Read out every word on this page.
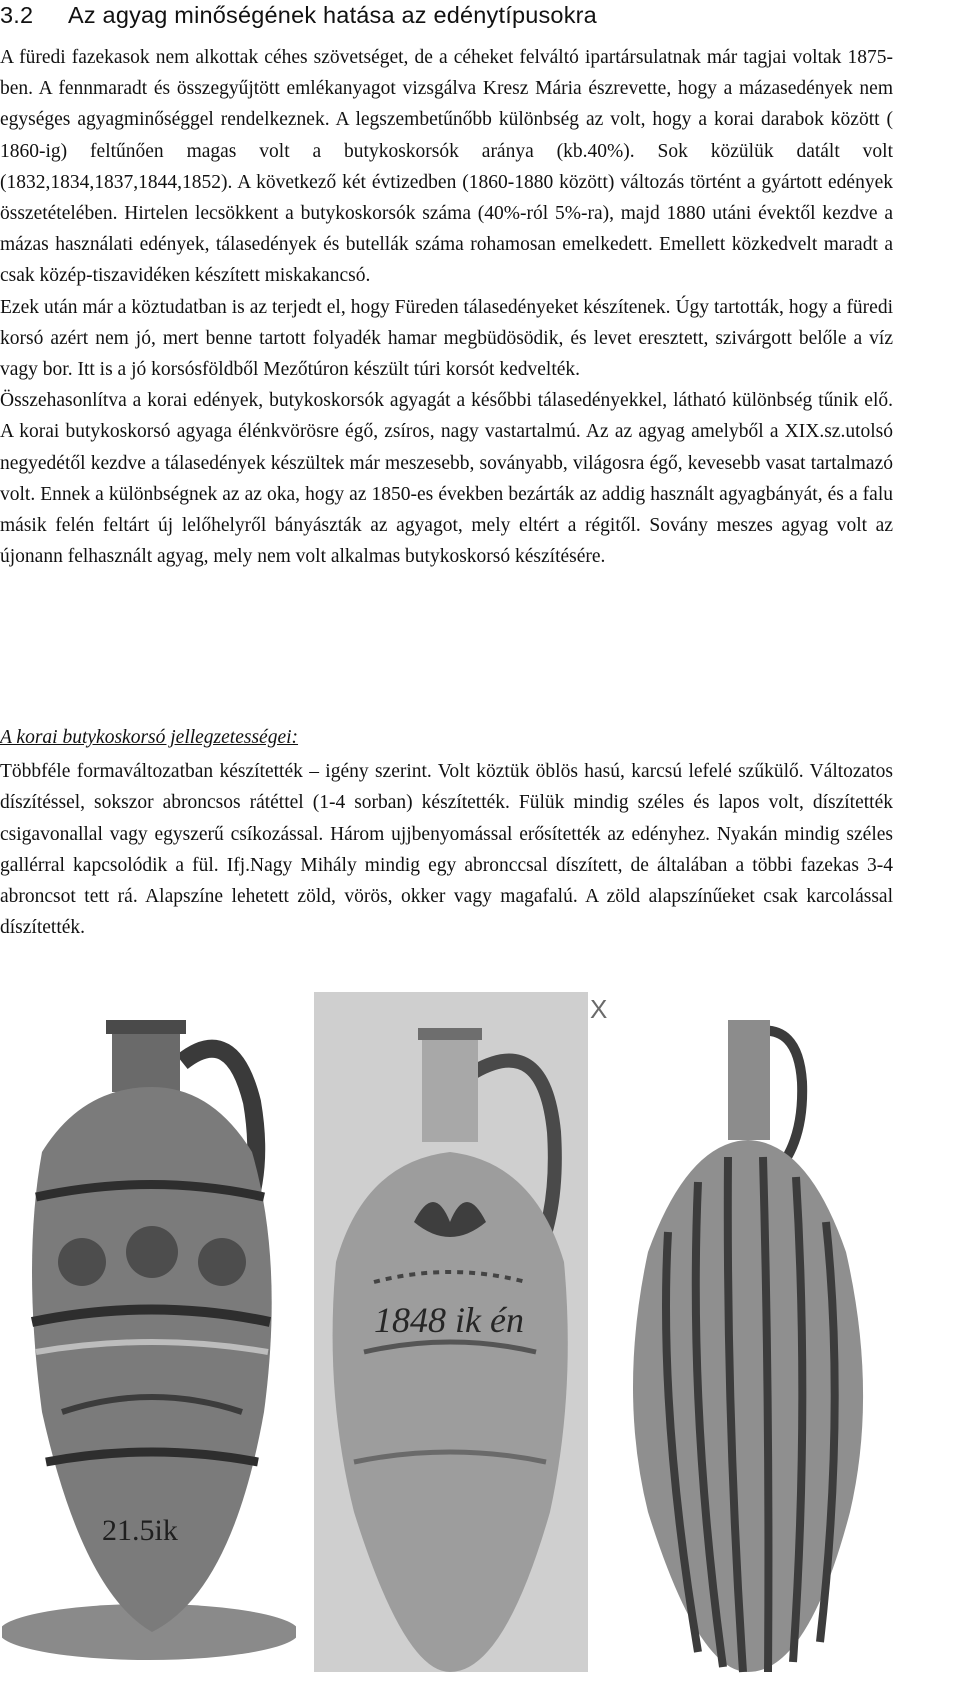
3.2 Az agyag minőségének hatása az edénytípusokra

A füredi fazekasok nem alkottak céhes szövetséget, de a céheket felváltó ipartársulatnak már tagjai voltak 1875-ben. A fennmaradt és összegyűjtött emlékanyagot vizsgálva Kresz Mária észrevette, hogy a mázasedények nem egységes agyagminőséggel rendelkeznek. A legszembetűnőbb különbség az volt, hogy a korai darabok között ( 1860-ig) feltűnően magas volt a butykoskorsók aránya (kb.40%). Sok közülük datált volt (1832,1834,1837,1844,1852). A következő két évtizedben (1860-1880 között) változás történt a gyártott edények összetételében. Hirtelen lecsökkent a butykoskorsók száma (40%-ról 5%-ra), majd 1880 utáni évektől kezdve a mázas használati edények, tálasedények és butellák száma rohamosan emelkedett. Emellett közkedvelt maradt a csak közép-tiszavidéken készített miskakancsó.

Ezek után már a köztudatban is az terjedt el, hogy Füreden tálasedényeket készítenek. Úgy tartották, hogy a füredi korsó azért nem jó, mert benne tartott folyadék hamar megbüdösödik, és levet eresztett, szivárgott belőle a víz vagy bor. Itt is a jó korsósföldből Mezőtúron készült túri korsót kedvelték.

Összehasonlítva a korai edények, butykoskorsók agyagát a későbbi tálasedényekkel, látható különbség tűnik elő. A korai butykoskorsó agyaga élénkvörösre égő, zsíros, nagy vastartalmú. Az az agyag amelyből a XIX.sz.utolsó negyedétől kezdve a tálasedények készültek már meszesebb, soványabb, világosra égő, kevesebb vasat tartalmazó volt. Ennek a különbségnek az az oka, hogy az 1850-es években bezárták az addig használt agyagbányát, és a falu másik felén feltárt új lelőhelyről bányászták az agyagot, mely eltért a régitől. Sovány meszes agyag volt az újonann felhasznált agyag, mely nem volt alkalmas butykoskorsó készítésére.

A korai butykoskorsó jellegzetességei:

Többféle formaváltozatban készítették – igény szerint. Volt köztük öblös hasú, karcsú lefelé szűkülő. Változatos díszítéssel, sokszor abroncsos rátéttel (1-4 sorban) készítették. Fülük mindig széles és lapos volt, díszítették csigavonallal vagy egyszerű csíkozással. Három ujjbenyomással erősítették az edényhez. Nyakán mindig széles gallérral kapcsolódik a fül. Ifj.Nagy Mihály mindig egy abronccsal díszített, de általában a többi fazekas 3-4 abroncsot tett rá. Alapszíne lehetett zöld, vörös, okker vagy magafalú. A zöld alapszínűeket csak karcolással díszítették.

21.5ik
1848 ik én
X
